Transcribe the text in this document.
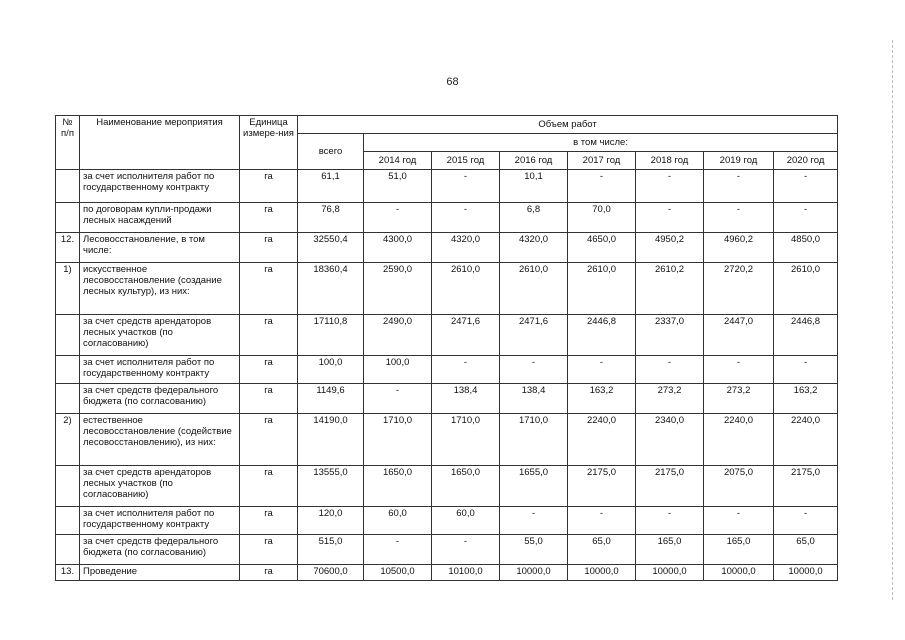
68
№ п/п	Наименование мероприятия	Единица измере-ния	Объем работ							
			всего	в том числе:						
				2014 год	2015 год	2016 год	2017 год	2018 год	2019 год	2020 год
	за счет исполнителя работ по государственному контракту	га	61,1	51,0	-	10,1	-	-	-	-
	по договорам купли-продажи лесных насаждений	га	76,8	-	-	6,8	70,0	-	-	-
12.	Лесовосстановление, в том числе:	га	32550,4	4300,0	4320,0	4320,0	4650,0	4950,2	4960,2	4850,0
1)	искусственное лесовосстановление (создание лесных культур), из них:	га	18360,4	2590,0	2610,0	2610,0	2610,0	2610,2	2720,2	2610,0
	за счет средств арендаторов лесных участков (по согласованию)	га	17110,8	2490,0	2471,6	2471,6	2446,8	2337,0	2447,0	2446,8
	за счет исполнителя работ по государственному контракту	га	100,0	100,0	-	-	-	-	-	-
	за счет средств федерального бюджета (по согласованию)	га	1149,6	-	138,4	138,4	163,2	273,2	273,2	163,2
2)	естественное лесовосстановление (содействие лесовосстановлению), из них:	га	14190,0	1710,0	1710,0	1710,0	2240,0	2340,0	2240,0	2240,0
	за счет средств арендаторов лесных участков (по согласованию)	га	13555,0	1650,0	1650,0	1655,0	2175,0	2175,0	2075,0	2175,0
	за счет исполнителя работ по государственному контракту	га	120,0	60,0	60,0	-	-	-	-	-
	за счет средств федерального бюджета (по согласованию)	га	515,0	-	-	55,0	65,0	165,0	165,0	65,0
13.	Проведение	га	70600,0	10500,0	10100,0	10000,0	10000,0	10000,0	10000,0	10000,0
